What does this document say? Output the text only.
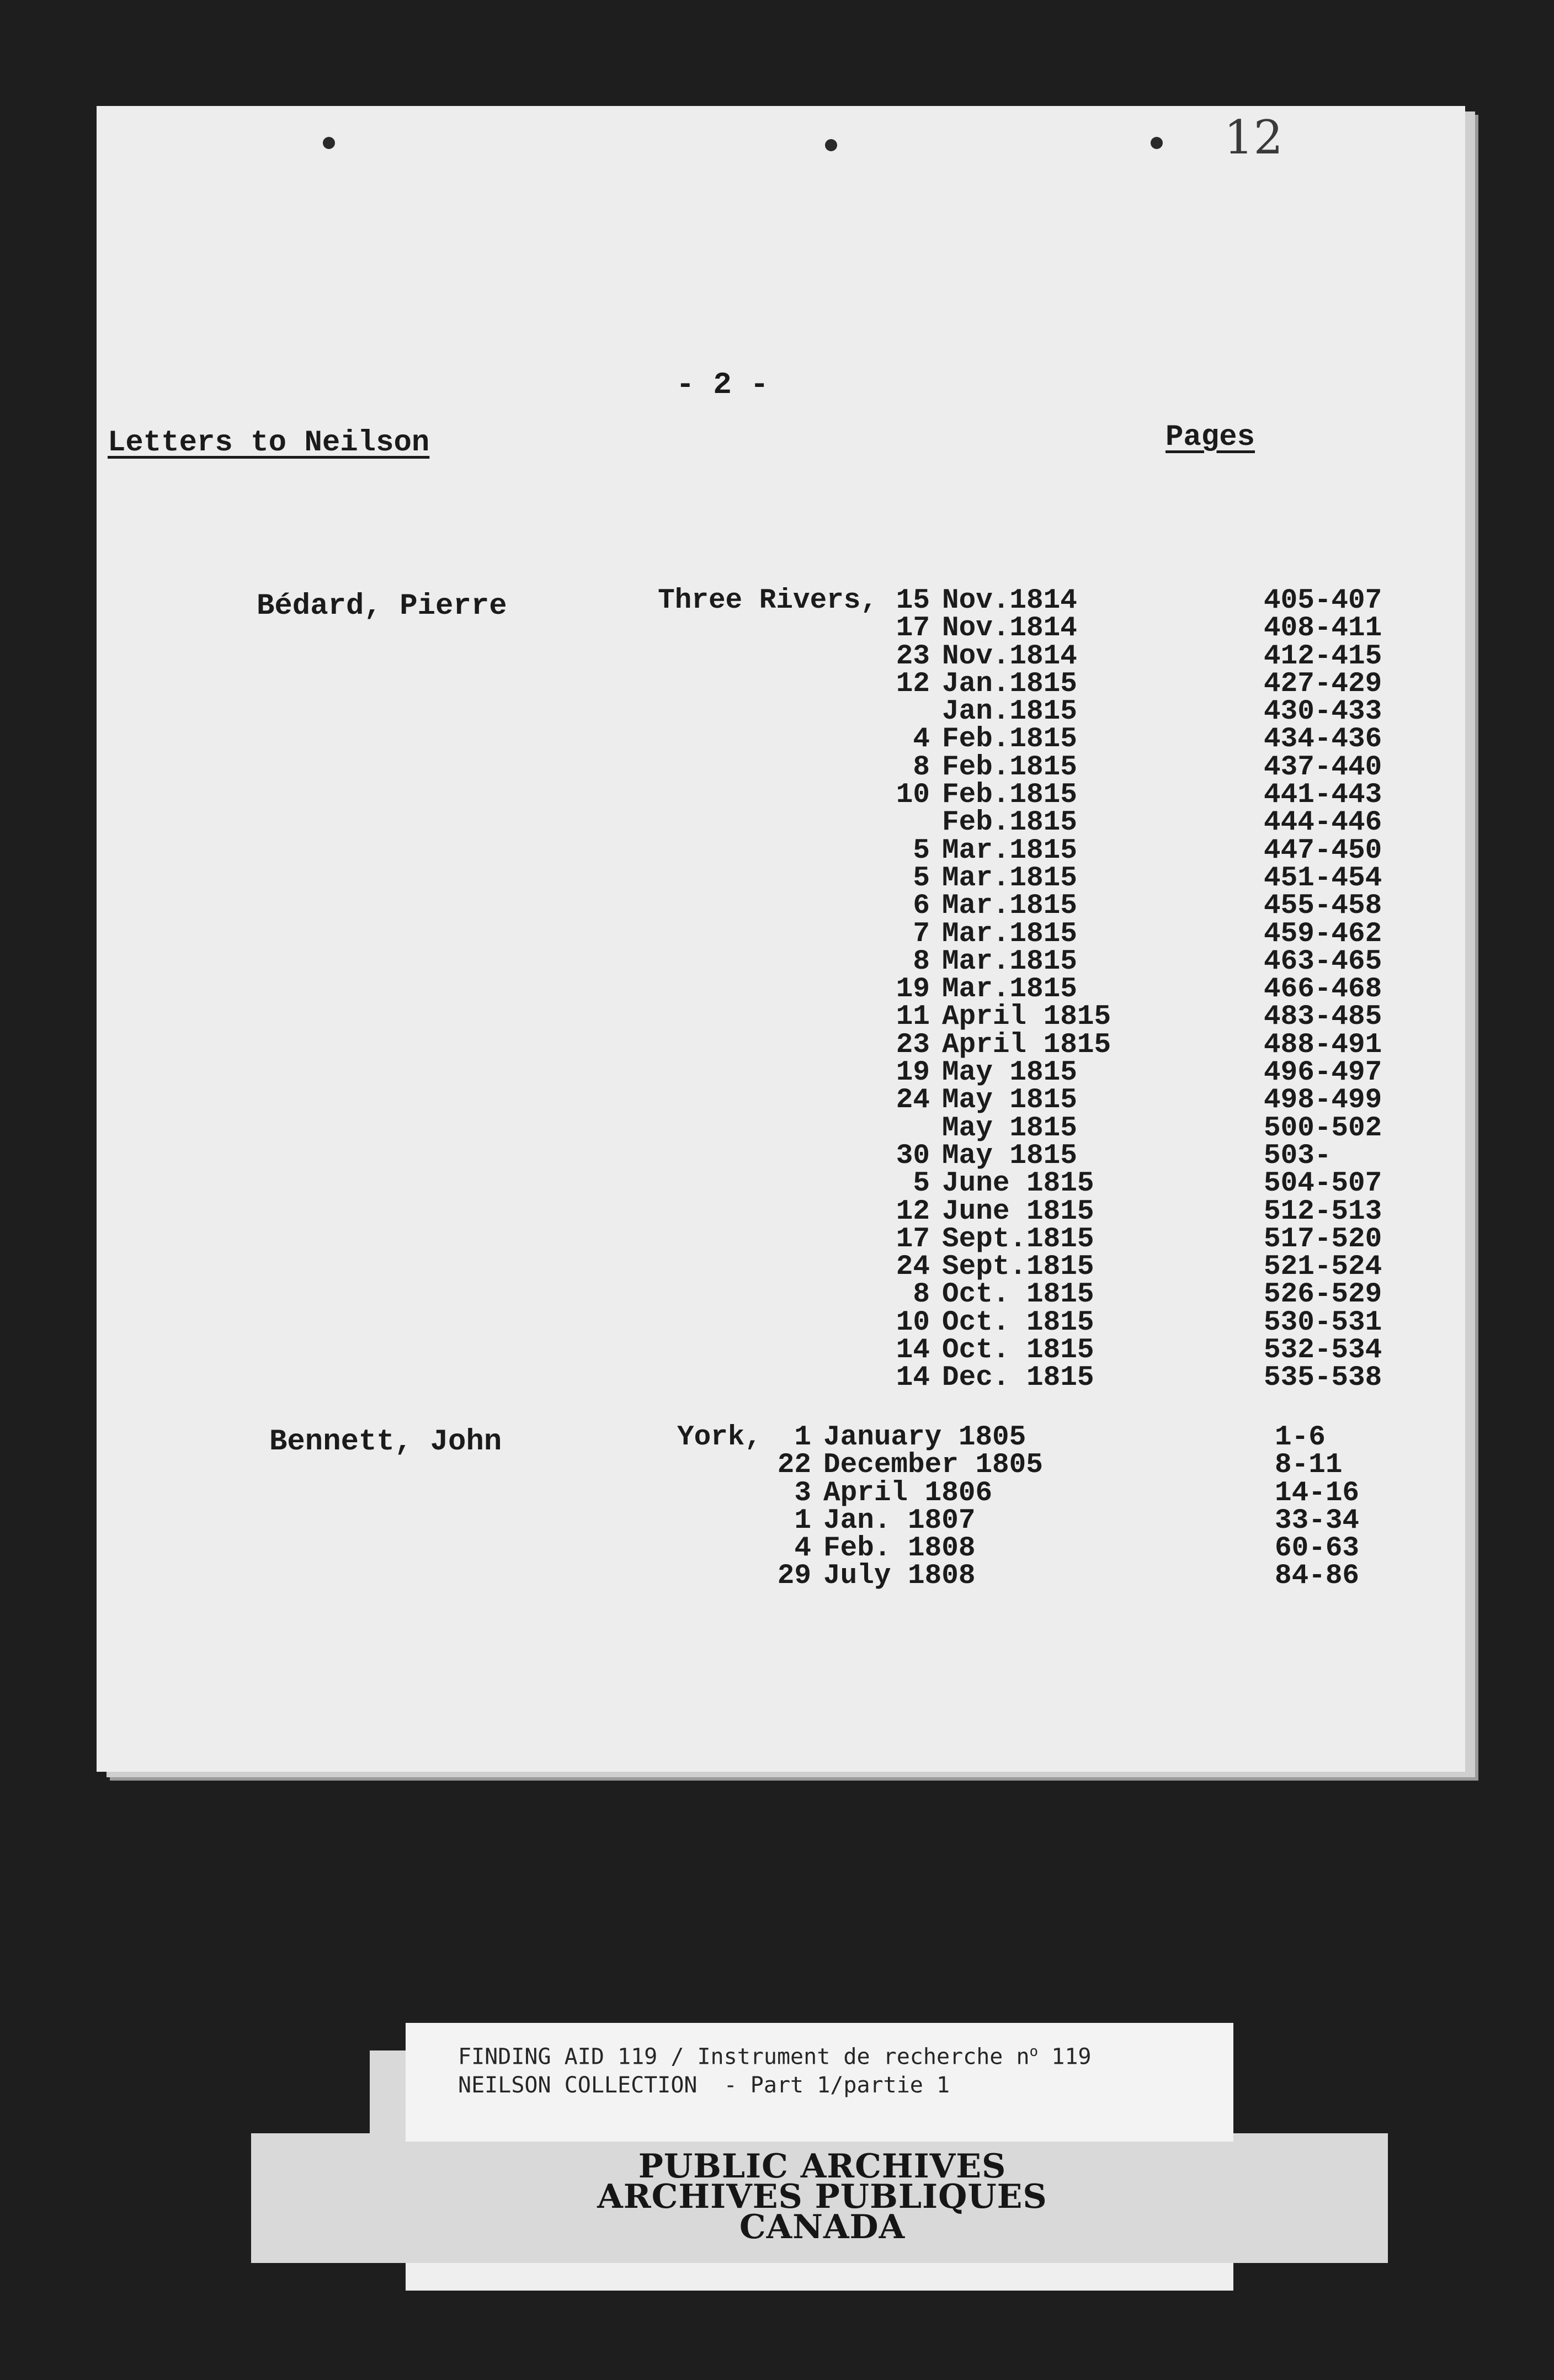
12
- 2 -
Letters to Neilson	Pages
Bédard, Pierre	Three Rivers, 15 Nov.1814	405-407
17 Nov.1814	408-411
23 Nov.1814	412-415
12 Jan.1815	427-429
Jan.1815	430-433
4 Feb.1815	434-436
8 Feb.1815	437-440
10 Feb.1815	441-443
Feb.1815	444-446
5 Mar.1815	447-450
5 Mar.1815	451-454
6 Mar.1815	455-458
7 Mar.1815	459-462
8 Mar.1815	463-465
19 Mar.1815	466-468
11 April 1815	483-485
23 April 1815	488-491
19 May 1815	496-497
24 May 1815	498-499
May 1815	500-502
30 May 1815	503-
5 June 1815	504-507
12 June 1815	512-513
17 Sept.1815	517-520
24 Sept.1815	521-524
8 Oct. 1815	526-529
10 Oct. 1815	530-531
14 Oct. 1815	532-534
14 Dec. 1815	535-538
Bennett, John	York,	1 January 1805	1-6
22 December 1805	8-11
3 April 1806	14-16
1 Jan. 1807	33-34
4 Feb. 1808	60-63
29 July 1808	84-86
FINDING AID 119 / Instrument de recherche $n^o$ 119
NEILSON COLLECTION  - Part 1/partie 1
PUBLIC ARCHIVES
ARCHIVES PUBLIQUES
CANADA
